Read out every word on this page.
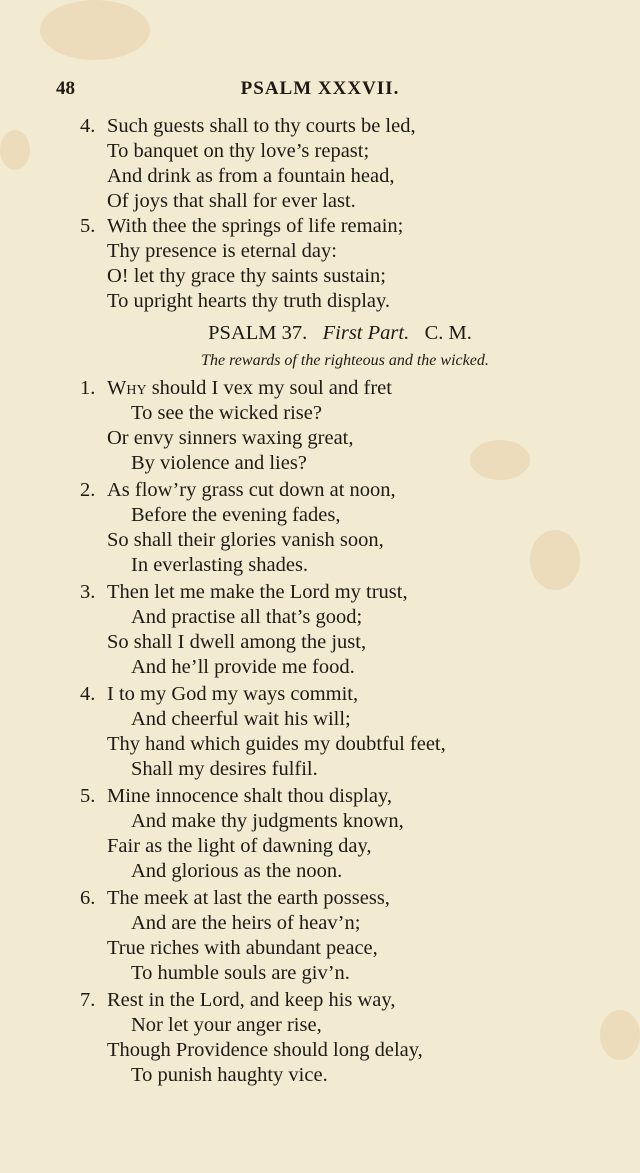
48	PSALM XXXVII.
4. Such guests shall to thy courts be led,
To banquet on thy love’s repast;
And drink as from a fountain head,
Of joys that shall for ever last.
5. With thee the springs of life remain;
Thy presence is eternal day:
O! let thy grace thy saints sustain;
To upright hearts thy truth display.
PSALM 37. First Part. C. M.
The rewards of the righteous and the wicked.
1. Why should I vex my soul and fret
To see the wicked rise?
Or envy sinners waxing great,
By violence and lies?
2. As flow’ry grass cut down at noon,
Before the evening fades,
So shall their glories vanish soon,
In everlasting shades.
3. Then let me make the Lord my trust,
And practise all that’s good;
So shall I dwell among the just,
And he’ll provide me food.
4. I to my God my ways commit,
And cheerful wait his will;
Thy hand which guides my doubtful feet,
Shall my desires fulfil.
5. Mine innocence shalt thou display,
And make thy judgments known,
Fair as the light of dawning day,
And glorious as the noon.
6. The meek at last the earth possess,
And are the heirs of heav’n;
True riches with abundant peace,
To humble souls are giv’n.
7. Rest in the Lord, and keep his way,
Nor let your anger rise,
Though Providence should long delay,
To punish haughty vice.
